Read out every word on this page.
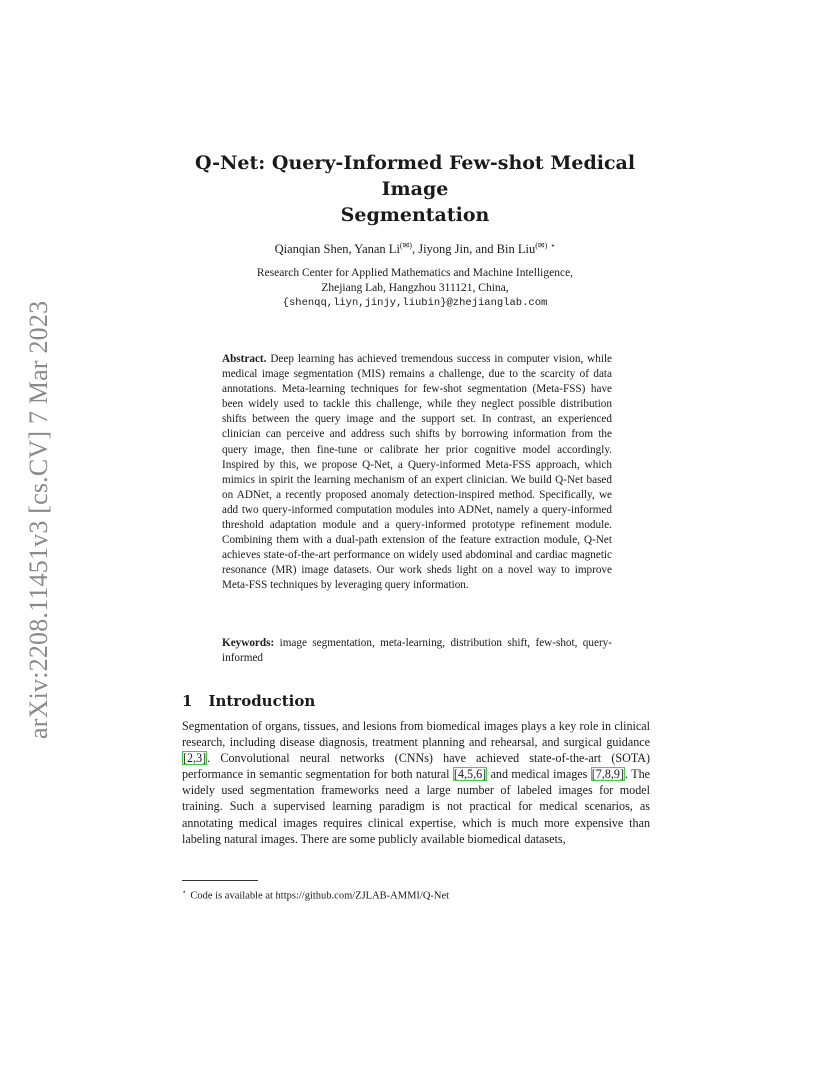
arXiv:2208.11451v3 [cs.CV] 7 Mar 2023
Q-Net: Query-Informed Few-shot Medical Image
Segmentation
Qianqian Shen, Yanan Li(✉), Jiyong Jin, and Bin Liu(✉) ⋆
Research Center for Applied Mathematics and Machine Intelligence,
Zhejiang Lab, Hangzhou 311121, China,
{shenqq,liyn,jinjy,liubin}@zhejianglab.com
Abstract. Deep learning has achieved tremendous success in computer vision, while medical image segmentation (MIS) remains a challenge, due to the scarcity of data annotations. Meta-learning techniques for few-shot segmentation (Meta-FSS) have been widely used to tackle this challenge, while they neglect possible distribution shifts between the query image and the support set. In contrast, an experienced clinician can perceive and address such shifts by borrowing information from the query image, then fine-tune or calibrate her prior cognitive model accordingly. Inspired by this, we propose Q-Net, a Query-informed Meta-FSS approach, which mimics in spirit the learning mechanism of an expert clinician. We build Q-Net based on ADNet, a recently proposed anomaly detection-inspired method. Specifically, we add two query-informed computation modules into ADNet, namely a query-informed threshold adaptation module and a query-informed prototype refinement module. Combining them with a dual-path extension of the feature extraction module, Q-Net achieves state-of-the-art performance on widely used abdominal and cardiac magnetic resonance (MR) image datasets. Our work sheds light on a novel way to improve Meta-FSS techniques by leveraging query information.
Keywords: image segmentation, meta-learning, distribution shift, few-shot, query-informed
1 Introduction
Segmentation of organs, tissues, and lesions from biomedical images plays a key role in clinical research, including disease diagnosis, treatment planning and rehearsal, and surgical guidance [2,3]. Convolutional neural networks (CNNs) have achieved state-of-the-art (SOTA) performance in semantic segmentation for both natural [4,5,6] and medical images [7,8,9]. The widely used segmentation frameworks need a large number of labeled images for model training. Such a supervised learning paradigm is not practical for medical scenarios, as annotating medical images requires clinical expertise, which is much more expensive than labeling natural images. There are some publicly available biomedical datasets,
⋆ Code is available at https://github.com/ZJLAB-AMMI/Q-Net
